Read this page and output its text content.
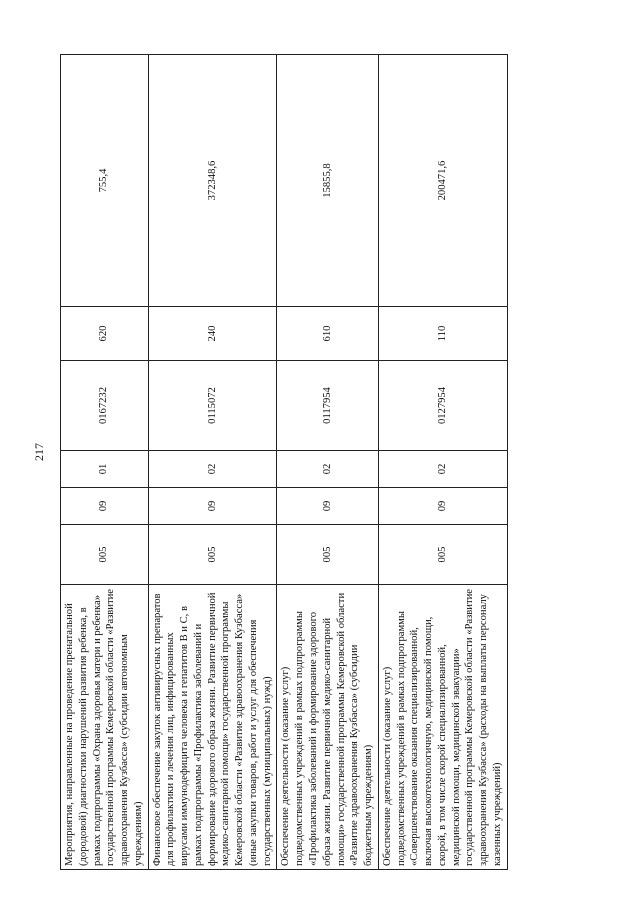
217
Мероприятия, направленные на проведение пренатальной (дородовой) диагностики нарушений развития ребенка, в рамках подпрограммы «Охрана здоровья матери и ребенка» государственной программы Кемеровской области «Развитие здравоохранения Кузбасса» (субсидии автономным учреждениям)	005	09	01	0167232	620	755,4
Финансовое обеспечение закупок антивирусных препаратов для профилактики и лечения лиц, инфицированных вирусами иммунодефицита человека и гепатитов В и С, в рамках подпрограммы «Профилактика заболеваний и формирование здорового образа жизни. Развитие первичной медико-санитарной помощи» государственной программы Кемеровской области «Развитие здравоохранения Кузбасса» (иные закупки товаров, работ и услуг для обеспечения государственных (муниципальных) нужд)	005	09	02	0115072	240	372348,6
Обеспечение деятельности (оказание услуг) подведомственных учреждений в рамках подпрограммы «Профилактика заболеваний и формирование здорового образа жизни. Развитие первичной медико-санитарной помощи» государственной программы Кемеровской области «Развитие здравоохранения Кузбасса» (субсидии бюджетным учреждениям)	005	09	02	0117954	610	15855,8
Обеспечение деятельности (оказание услуг) подведомственных учреждений в рамках подпрограммы «Совершенствование оказания специализированной, включая высокотехнологичную, медицинской помощи, скорой, в том числе скорой специализированной, медицинской помощи, медицинской эвакуации» государственной программы Кемеровской области «Развитие здравоохранения Кузбасса» (расходы на выплаты персоналу казенных учреждений)	005	09	02	0127954	110	200471,6
